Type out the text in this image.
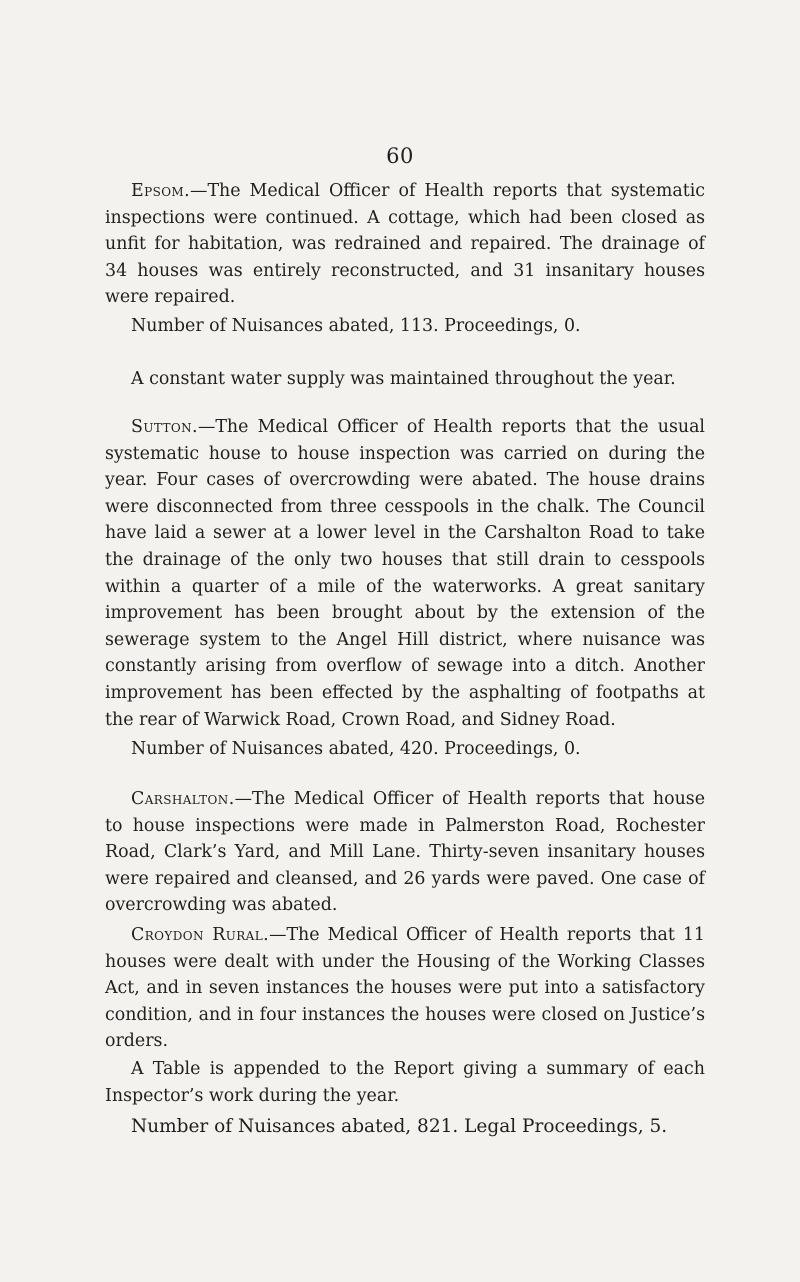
60

Epsom.—The Medical Officer of Health reports that systematic inspections were continued. A cottage, which had been closed as unfit for habitation, was redrained and repaired. The drainage of 34 houses was entirely reconstructed, and 31 insanitary houses were repaired.

Number of Nuisances abated, 113. Proceedings, 0.

A constant water supply was maintained throughout the year.

Sutton.—The Medical Officer of Health reports that the usual systematic house to house inspection was carried on during the year. Four cases of overcrowding were abated. The house drains were disconnected from three cesspools in the chalk. The Council have laid a sewer at a lower level in the Carshalton Road to take the drainage of the only two houses that still drain to cesspools within a quarter of a mile of the waterworks. A great sanitary improvement has been brought about by the extension of the sewerage system to the Angel Hill district, where nuisance was constantly arising from overflow of sewage into a ditch. Another improvement has been effected by the asphalting of footpaths at the rear of Warwick Road, Crown Road, and Sidney Road.

Number of Nuisances abated, 420. Proceedings, 0.

Carshalton.—The Medical Officer of Health reports that house to house inspections were made in Palmerston Road, Rochester Road, Clark’s Yard, and Mill Lane. Thirty-seven insanitary houses were repaired and cleansed, and 26 yards were paved. One case of overcrowding was abated.

Croydon Rural.—The Medical Officer of Health reports that 11 houses were dealt with under the Housing of the Working Classes Act, and in seven instances the houses were put into a satisfactory condition, and in four instances the houses were closed on Justice’s orders.

A Table is appended to the Report giving a summary of each Inspector’s work during the year.

Number of Nuisances abated, 821. Legal Proceedings, 5.
